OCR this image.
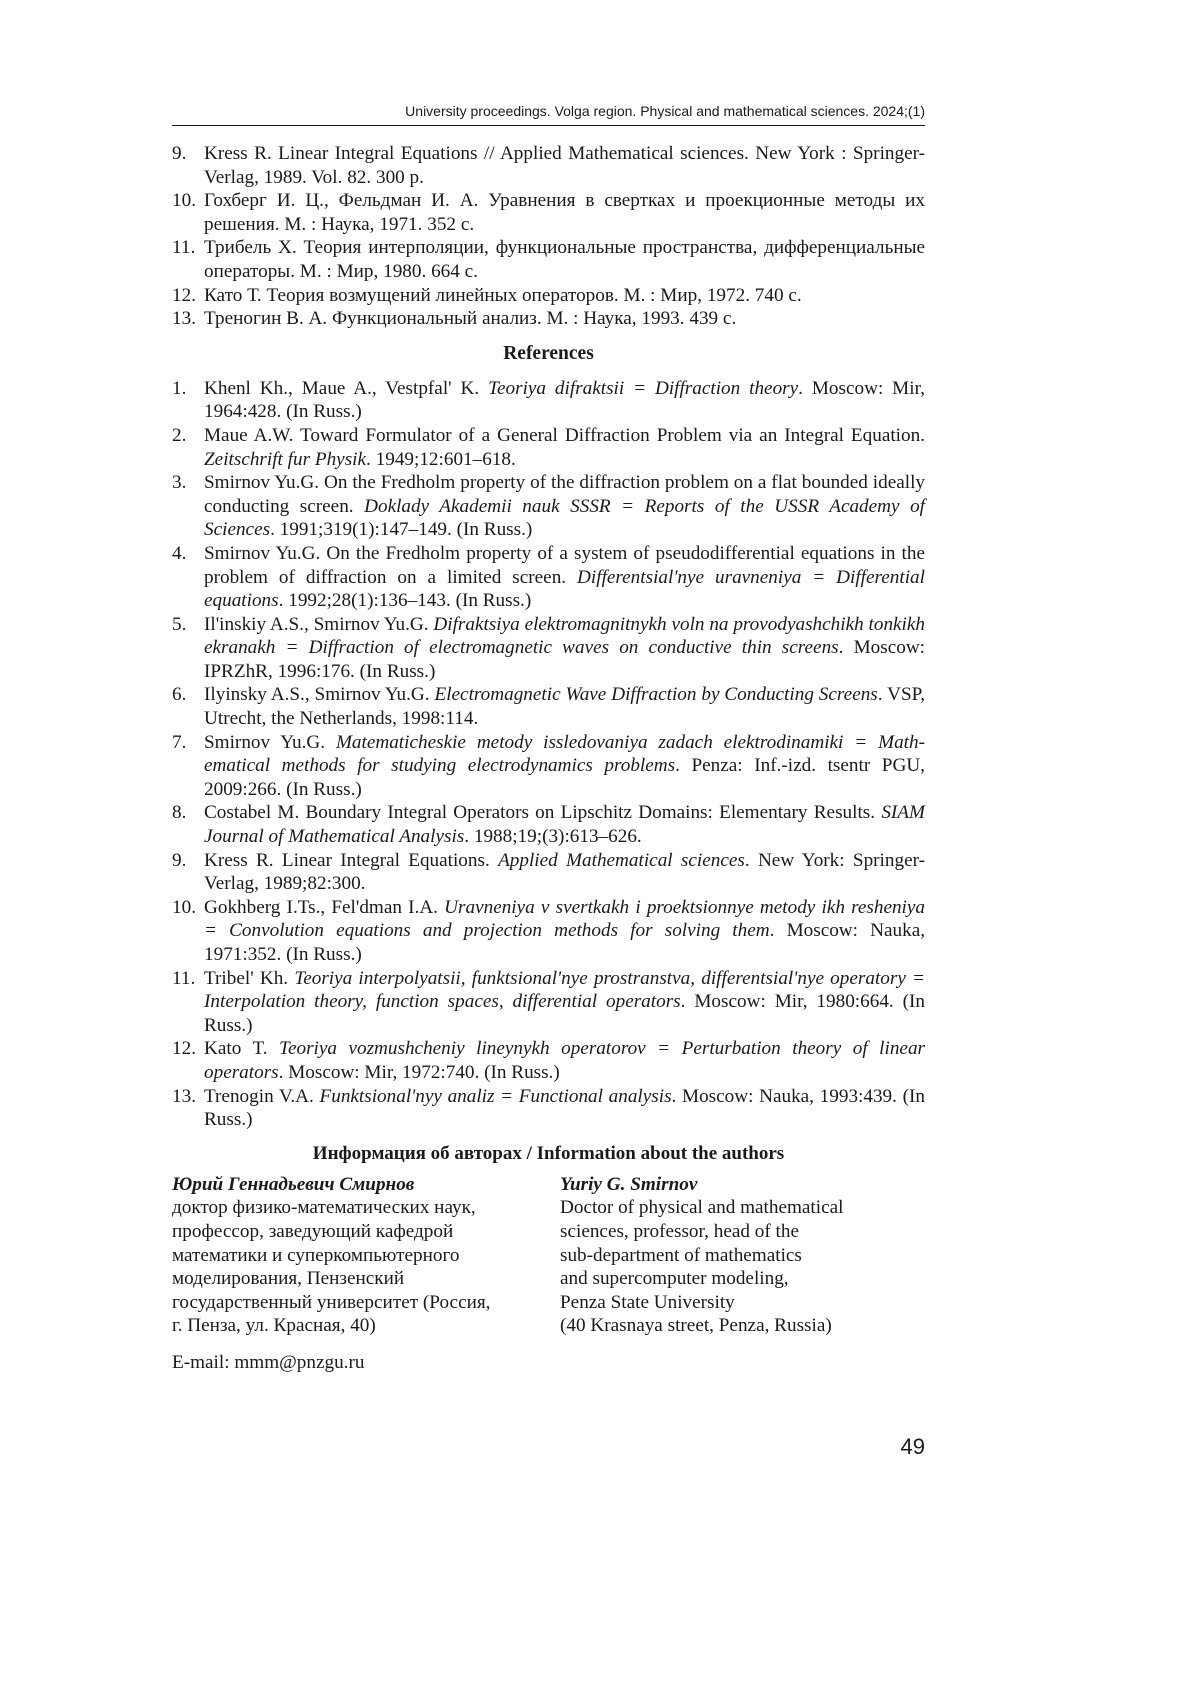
University proceedings. Volga region. Physical and mathematical sciences. 2024;(1)
9. Kress R. Linear Integral Equations // Applied Mathematical sciences. New York : Springer-Verlag, 1989. Vol. 82. 300 p.
10. Гохберг И. Ц., Фельдман И. А. Уравнения в свертках и проекционные методы их решения. М. : Наука, 1971. 352 с.
11. Трибель Х. Теория интерполяции, функциональные пространства, дифференциальные операторы. М. : Мир, 1980. 664 с.
12. Като Т. Теория возмущений линейных операторов. М. : Мир, 1972. 740 с.
13. Треногин В. А. Функциональный анализ. М. : Наука, 1993. 439 с.
References
1. Khenl Kh., Maue A., Vestpfal' K. Teoriya difraktsii = Diffraction theory. Moscow: Mir, 1964:428. (In Russ.)
2. Maue A.W. Toward Formulator of a General Diffraction Problem via an Integral Equation. Zeitschrift fur Physik. 1949;12:601–618.
3. Smirnov Yu.G. On the Fredholm property of the diffraction problem on a flat bounded ideally conducting screen. Doklady Akademii nauk SSSR = Reports of the USSR Academy of Sciences. 1991;319(1):147–149. (In Russ.)
4. Smirnov Yu.G. On the Fredholm property of a system of pseudodifferential equations in the problem of diffraction on a limited screen. Differentsial'nye uravneniya = Differential equations. 1992;28(1):136–143. (In Russ.)
5. Il'inskiy A.S., Smirnov Yu.G. Difraktsiya elektromagnitnykh voln na provodyashchikh tonkikh ekranakh = Diffraction of electromagnetic waves on conductive thin screens. Moscow: IPRZhR, 1996:176. (In Russ.)
6. Ilyinsky A.S., Smirnov Yu.G. Electromagnetic Wave Diffraction by Conducting Screens. VSP, Utrecht, the Netherlands, 1998:114.
7. Smirnov Yu.G. Matematicheskie metody issledovaniya zadach elektrodinamiki = Mathematical methods for studying electrodynamics problems. Penza: Inf.-izd. tsentr PGU, 2009:266. (In Russ.)
8. Costabel M. Boundary Integral Operators on Lipschitz Domains: Elementary Results. SIAM Journal of Mathematical Analysis. 1988;19;(3):613–626.
9. Kress R. Linear Integral Equations. Applied Mathematical sciences. New York: Springer-Verlag, 1989;82:300.
10. Gokhberg I.Ts., Fel'dman I.A. Uravneniya v svertkakh i proektsionnye metody ikh resheniya = Convolution equations and projection methods for solving them. Moscow: Nauka, 1971:352. (In Russ.)
11. Tribel' Kh. Teoriya interpolyatsii, funktsional'nye prostranstva, differentsial'nye operatory = Interpolation theory, function spaces, differential operators. Moscow: Mir, 1980:664. (In Russ.)
12. Kato T. Teoriya vozmushcheniy lineynykh operatorov = Perturbation theory of linear operators. Moscow: Mir, 1972:740. (In Russ.)
13. Trenogin V.A. Funktsional'nyy analiz = Functional analysis. Moscow: Nauka, 1993:439. (In Russ.)
Информация об авторах / Information about the authors
Юрий Геннадьевич Смирнов
доктор физико-математических наук,
профессор, заведующий кафедрой
математики и суперкомпьютерного
моделирования, Пензенский
государственный университет (Россия,
г. Пенза, ул. Красная, 40)
Yuriy G. Smirnov
Doctor of physical and mathematical
sciences, professor, head of the
sub-department of mathematics
and supercomputer modeling,
Penza State University
(40 Krasnaya street, Penza, Russia)
E-mail: mmm@pnzgu.ru
49
